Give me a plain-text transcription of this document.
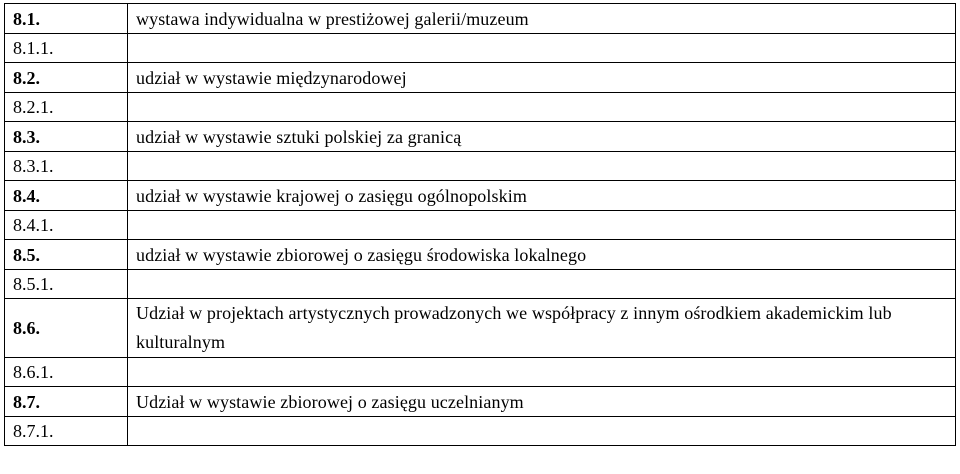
8.1.	wystawa indywidualna w prestiżowej galerii/muzeum
8.1.1.	
8.2.	udział w wystawie międzynarodowej
8.2.1.	
8.3.	udział w wystawie sztuki polskiej za granicą
8.3.1.	
8.4.	udział w wystawie krajowej o zasięgu ogólnopolskim
8.4.1.	
8.5.	udział w wystawie zbiorowej o zasięgu środowiska lokalnego
8.5.1.	
8.6.	Udział w projektach artystycznych prowadzonych we współpracy z innym ośrodkiem akademickim lub kulturalnym
8.6.1.	
8.7.	Udział w wystawie zbiorowej o zasięgu uczelnianym
8.7.1.	
